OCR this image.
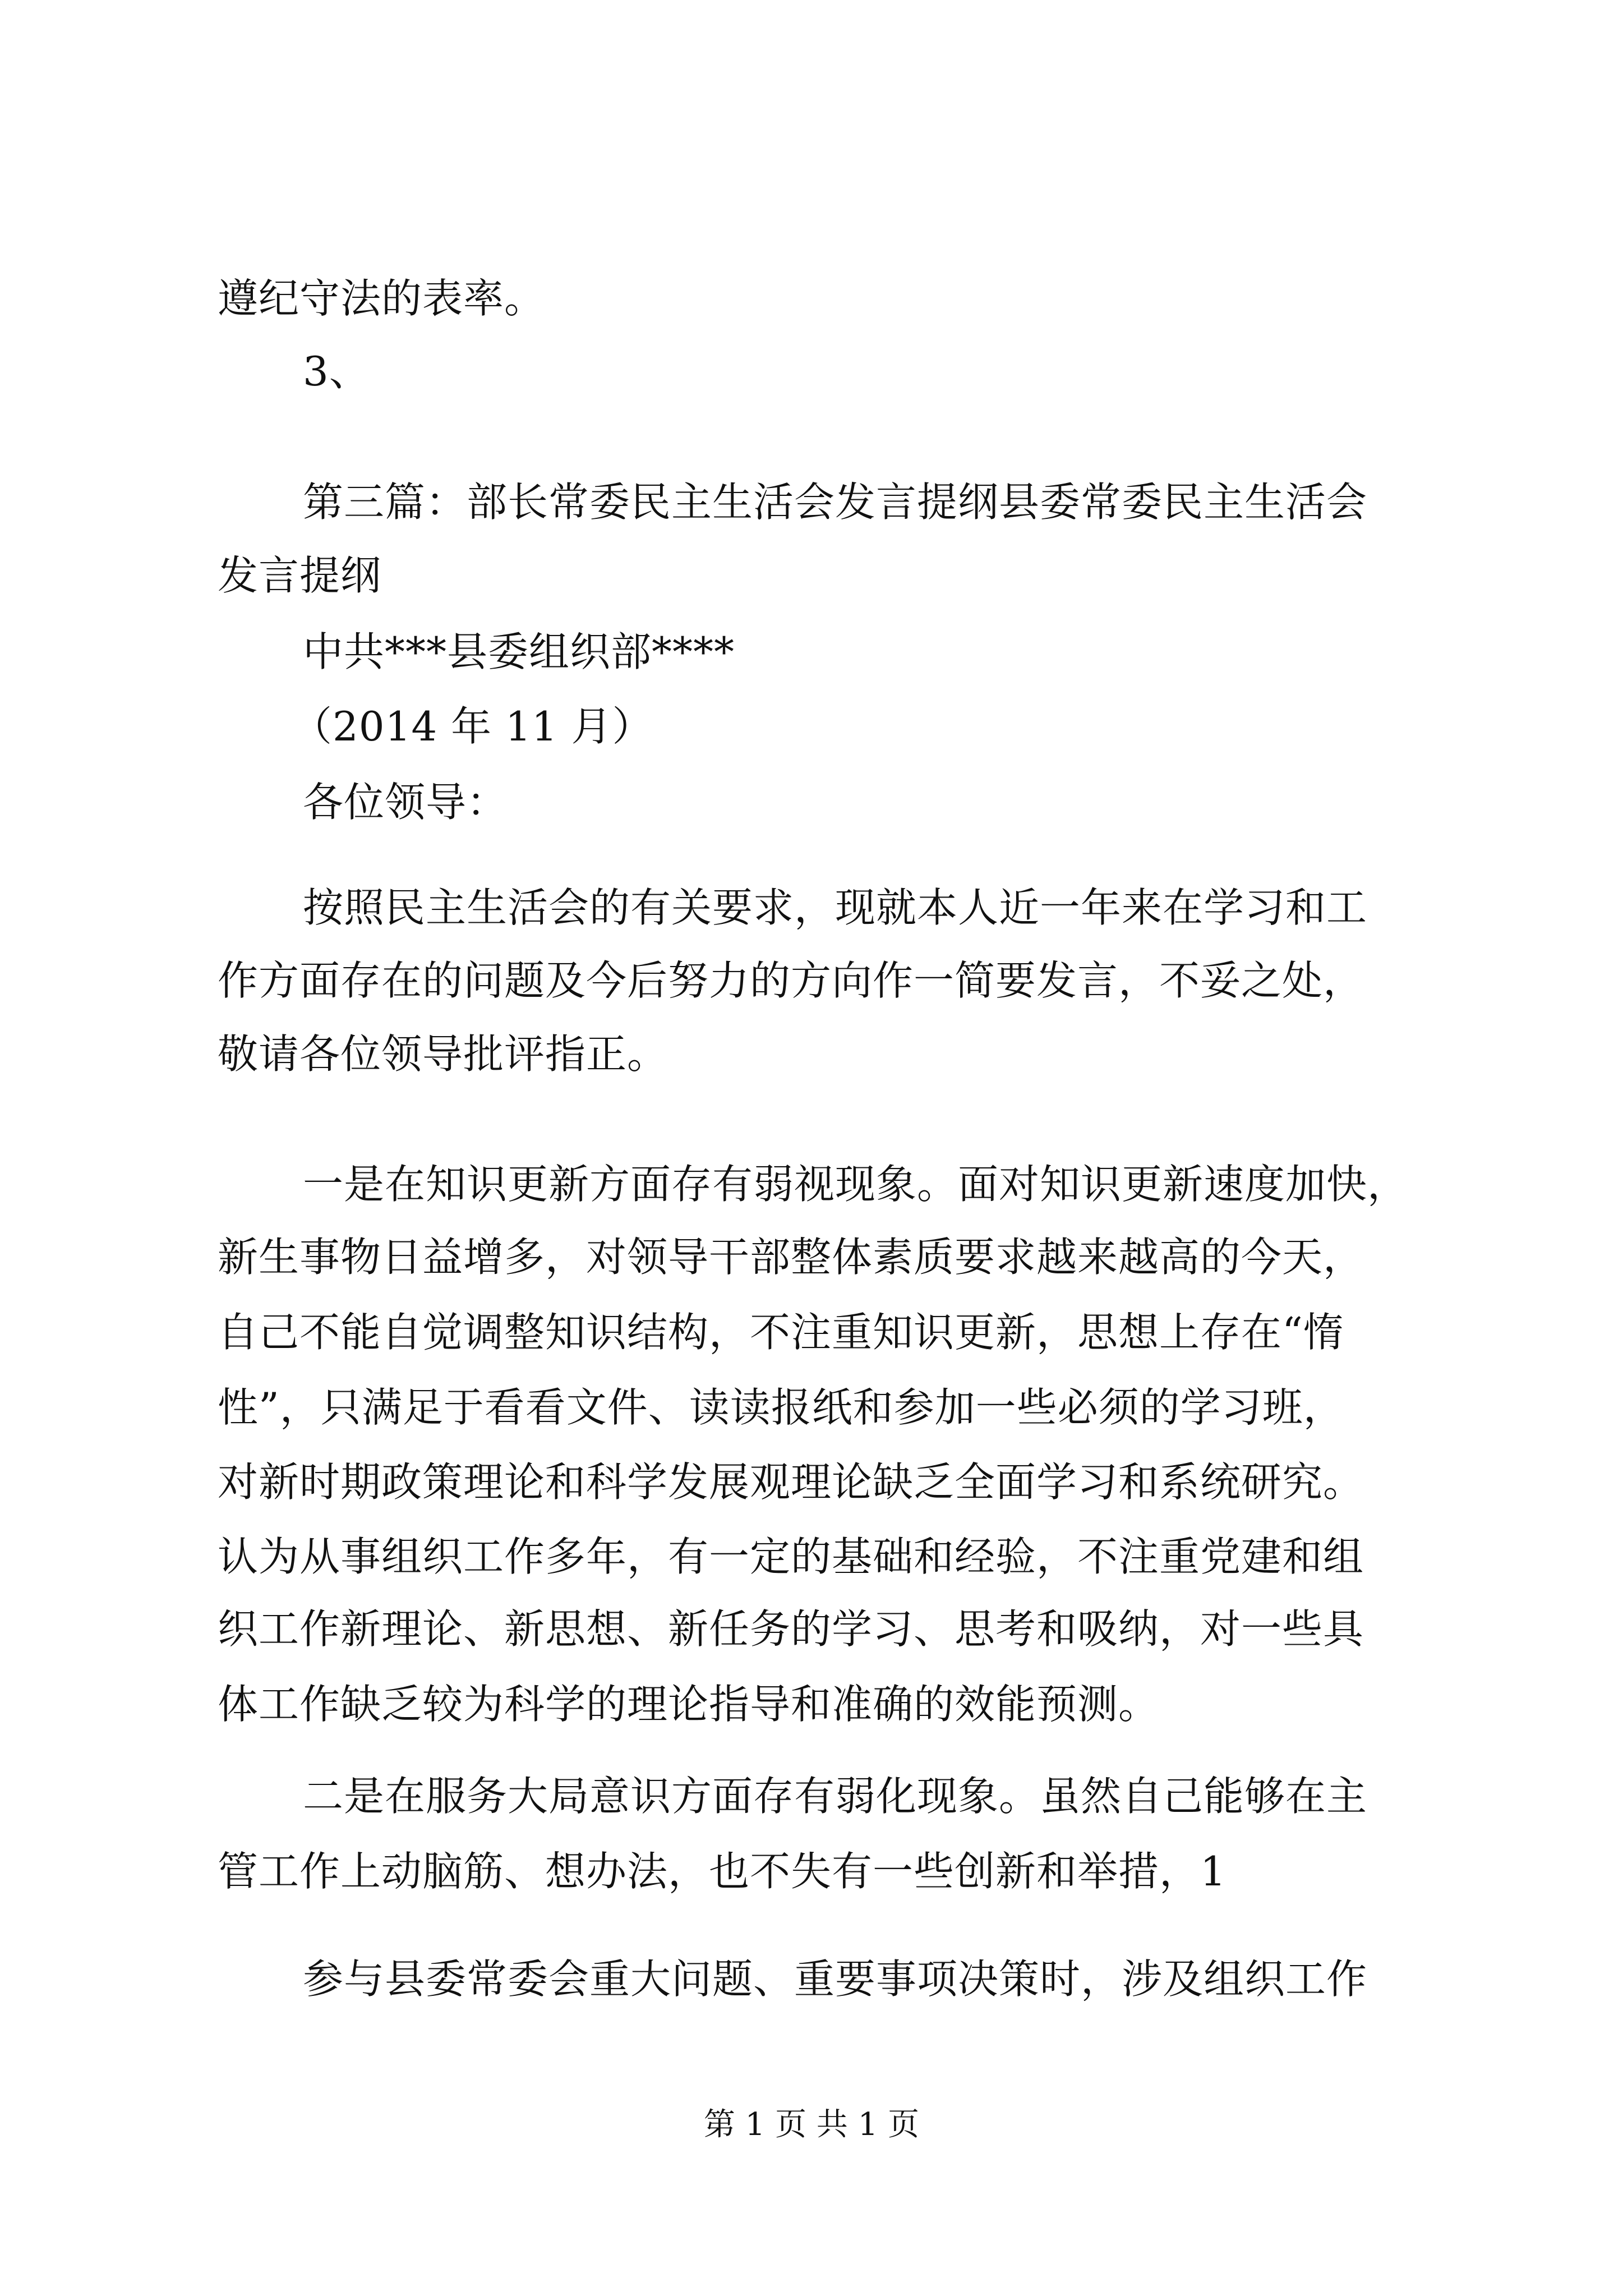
遵纪守法的表率。

3、

第三篇：部长常委民主生活会发言提纲县委常委民主生活会

发言提纲

中共***县委组织部****

（2014 年 11 月）

各位领导：

按照民主生活会的有关要求，现就本人近一年来在学习和工

作方面存在的问题及今后努力的方向作一简要发言，不妥之处，

敬请各位领导批评指正。

一是在知识更新方面存有弱视现象。面对知识更新速度加快，

新生事物日益增多，对领导干部整体素质要求越来越高的今天，

自己不能自觉调整知识结构，不注重知识更新，思想上存在“惰

性”，只满足于看看文件、读读报纸和参加一些必须的学习班，

对新时期政策理论和科学发展观理论缺乏全面学习和系统研究。

认为从事组织工作多年，有一定的基础和经验，不注重党建和组

织工作新理论、新思想、新任务的学习、思考和吸纳，对一些具

体工作缺乏较为科学的理论指导和准确的效能预测。

二是在服务大局意识方面存有弱化现象。虽然自己能够在主

管工作上动脑筋、想办法，也不失有一些创新和举措，1

参与县委常委会重大问题、重要事项决策时，涉及组织工作

第 1 页 共 1 页
